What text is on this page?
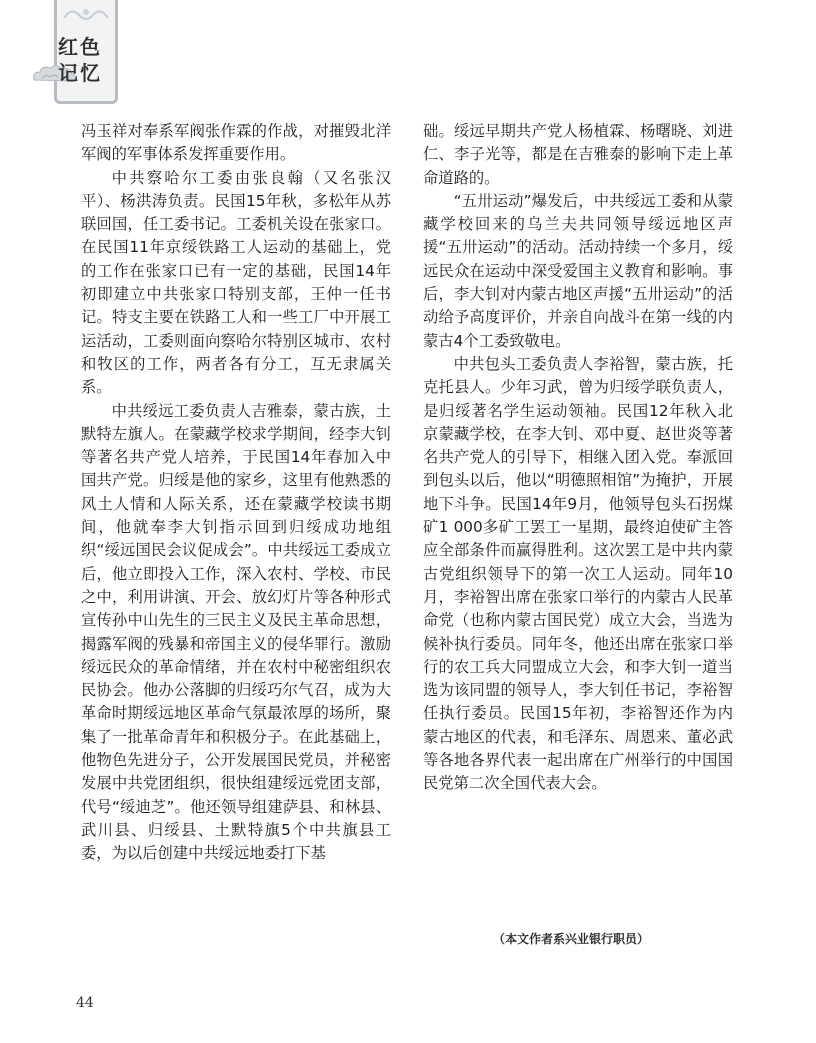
红色记忆

冯玉祥对奉系军阀张作霖的作战，对摧毁北洋军阀的军事体系发挥重要作用。

中共察哈尔工委由张良翰（又名张汉平）、杨洪涛负责。民国15年秋，多松年从苏联回国，任工委书记。工委机关设在张家口。在民国11年京绥铁路工人运动的基础上，党的工作在张家口已有一定的基础，民国14年初即建立中共张家口特别支部，王仲一任书记。特支主要在铁路工人和一些工厂中开展工运活动，工委则面向察哈尔特别区城市、农村和牧区的工作，两者各有分工，互无隶属关系。

中共绥远工委负责人吉雅泰，蒙古族，土默特左旗人。在蒙藏学校求学期间，经李大钊等著名共产党人培养，于民国14年春加入中国共产党。归绥是他的家乡，这里有他熟悉的风土人情和人际关系，还在蒙藏学校读书期间，他就奉李大钊指示回到归绥成功地组织“绥远国民会议促成会”。中共绥远工委成立后，他立即投入工作，深入农村、学校、市民之中，利用讲演、开会、放幻灯片等各种形式宣传孙中山先生的三民主义及民主革命思想，揭露军阀的残暴和帝国主义的侵华罪行。激励绥远民众的革命情绪，并在农村中秘密组织农民协会。他办公落脚的归绥巧尔气召，成为大革命时期绥远地区革命气氛最浓厚的场所，聚集了一批革命青年和积极分子。在此基础上，他物色先进分子，公开发展国民党员，并秘密发展中共党团组织，很快组建绥远党团支部，代号“绥迪芝”。他还领导组建萨县、和林县、武川县、归绥县、土默特旗5个中共旗县工委，为以后创建中共绥远地委打下基

础。绥远早期共产党人杨植霖、杨曙晓、刘进仁、李子光等，都是在吉雅泰的影响下走上革命道路的。

“五卅运动”爆发后，中共绥远工委和从蒙藏学校回来的乌兰夫共同领导绥远地区声援“五卅运动”的活动。活动持续一个多月，绥远民众在运动中深受爱国主义教育和影响。事后，李大钊对内蒙古地区声援“五卅运动”的活动给予高度评价，并亲自向战斗在第一线的内蒙古4个工委致敬电。

中共包头工委负责人李裕智，蒙古族，托克托县人。少年习武，曾为归绥学联负责人，是归绥著名学生运动领袖。民国12年秋入北京蒙藏学校，在李大钊、邓中夏、赵世炎等著名共产党人的引导下，相继入团入党。奉派回到包头以后，他以“明德照相馆”为掩护，开展地下斗争。民国14年9月，他领导包头石拐煤矿1 000多矿工罢工一星期，最终迫使矿主答应全部条件而赢得胜利。这次罢工是中共内蒙古党组织领导下的第一次工人运动。同年10月，李裕智出席在张家口举行的内蒙古人民革命党（也称内蒙古国民党）成立大会，当选为候补执行委员。同年冬，他还出席在张家口举行的农工兵大同盟成立大会，和李大钊一道当选为该同盟的领导人，李大钊任书记，李裕智任执行委员。民国15年初，李裕智还作为内蒙古地区的代表，和毛泽东、周恩来、董必武等各地各界代表一起出席在广州举行的中国国民党第二次全国代表大会。

（本文作者系兴业银行职员）
44
